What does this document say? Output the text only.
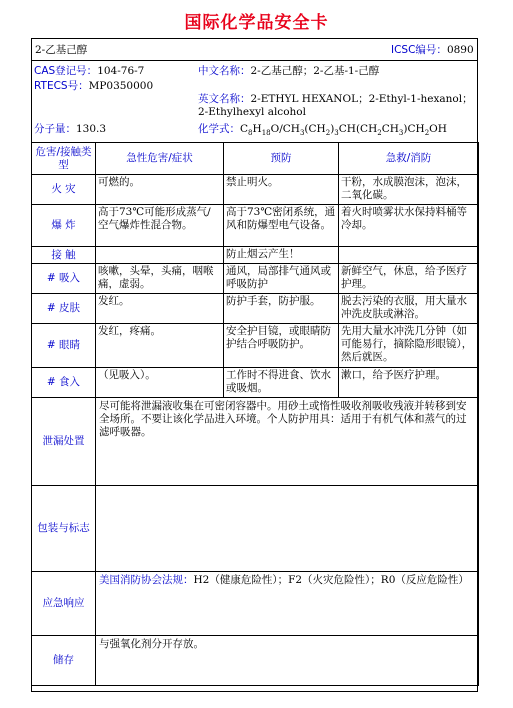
国际化学品安全卡
2-乙基己醇	ICSC编号：0890
CAS登记号：104-76-7
RTECS号：MP0350000
中文名称：2-乙基己醇；2-乙基-1-己醇
英文名称：2-ETHYL HEXANOL；2-Ethyl-1-hexanol；
2-Ethylhexyl alcohol
分子量：130.3	化学式：$C_8H_{18}O/CH_3(CH_2)_3CH(CH_2CH_3)CH_2OH$
危害/接触类型	急性危害/症状	预防	急救/消防
火 灾	可燃的。	禁止明火。	干粉，水成膜泡沫，泡沫，二氧化碳。
爆 炸	高于73℃可能形成蒸气/空气爆炸性混合物。	高于73℃密闭系统，通风和防爆型电气设备。	着火时喷雾状水保持料桶等冷却。
接 触		防止烟云产生！	
# 吸入	咳嗽，头晕，头痛，咽喉痛，虚弱。	通风，局部排气通风或呼吸防护	新鲜空气，休息，给予医疗护理。
# 皮肤	发红。	防护手套，防护服。	脱去污染的衣服，用大量水冲洗皮肤或淋浴。
# 眼睛	发红，疼痛。	安全护目镜，或眼睛防护结合呼吸防护。	先用大量水冲洗几分钟（如可能易行，摘除隐形眼镜），然后就医。
# 食入	（见吸入）。	工作时不得进食、饮水或吸烟。	漱口，给予医疗护理。
泄漏处置	尽可能将泄漏液收集在可密闭容器中。用砂土或惰性吸收剂吸收残液并转移到安全场所。不要让该化学品进入环境。个人防护用具：适用于有机气体和蒸气的过滤呼吸器。		
包装与标志			
应急响应	美国消防协会法规：H2（健康危险性）；F2（火灾危险性）；R0（反应危险性）		
储存	与强氧化剂分开存放。		
